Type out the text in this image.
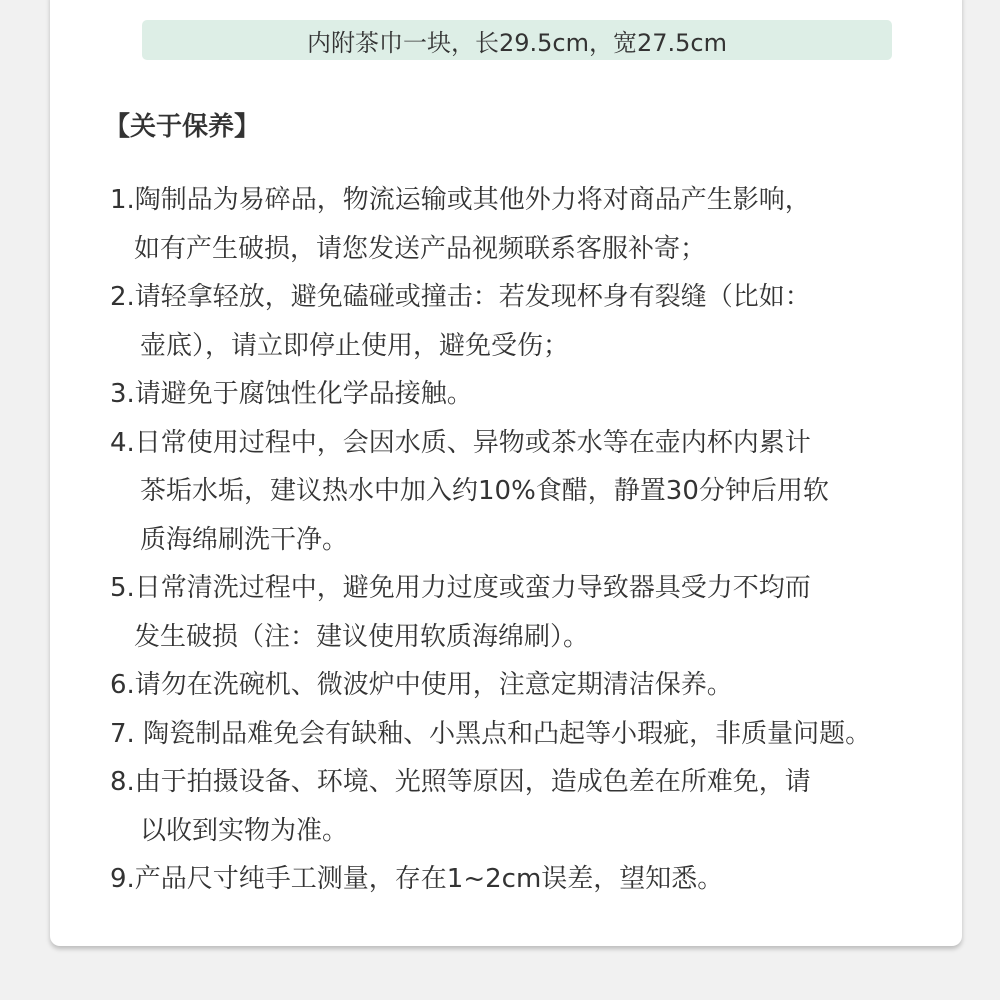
内附茶巾一块，长29.5cm，宽27.5cm
【关于保养】
1.陶制品为易碎品，物流运输或其他外力将对商品产生影响，
如有产生破损，请您发送产品视频联系客服补寄；
2.请轻拿轻放，避免磕碰或撞击：若发现杯身有裂缝（比如：
壶底），请立即停止使用，避免受伤；
3.请避免于腐蚀性化学品接触。
4.日常使用过程中，会因水质、异物或茶水等在壶内杯内累计
茶垢水垢，建议热水中加入约10%食醋，静置30分钟后用软
质海绵刷洗干净。
5.日常清洗过程中，避免用力过度或蛮力导致器具受力不均而
发生破损（注：建议使用软质海绵刷）。
6.请勿在洗碗机、微波炉中使用，注意定期清洁保养。
7. 陶瓷制品难免会有缺釉、小黑点和凸起等小瑕疵，非质量问题。
8.由于拍摄设备、环境、光照等原因，造成色差在所难免，请
以收到实物为准。
9.产品尺寸纯手工测量，存在1~2cm误差，望知悉。
